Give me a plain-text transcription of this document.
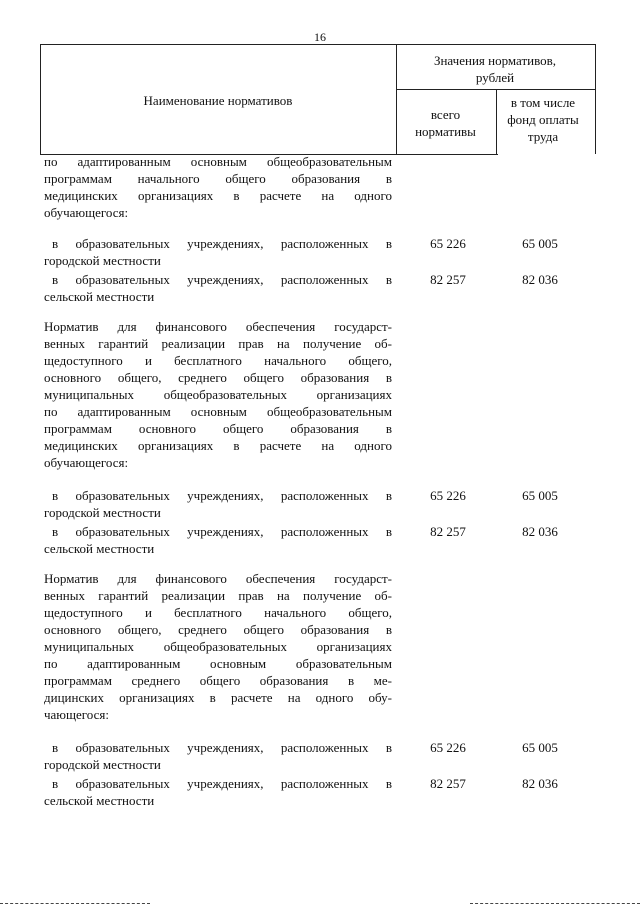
16
Наименование нормативов
Значения нормативов,
рублей
всего
нормативы
в том числе
фонд оплаты
труда
по адаптированным основным общеобразовательным
программам начального общего образования в
медицинских организациях в расчете на одного
обучающегося:
в образовательных учреждениях, расположенных в
городской местности
65 226	65 005
в образовательных учреждениях, расположенных в
сельской местности
82 257	82 036
Норматив для финансового обеспечения государст-
венных гарантий реализации прав на получение об-
щедоступного и бесплатного начального общего,
основного общего, среднего общего образования в
муниципальных общеобразовательных организациях
по адаптированным основным общеобразовательным
программам основного общего образования в
медицинских организациях в расчете на одного
обучающегося:
в образовательных учреждениях, расположенных в
городской местности
65 226	65 005
в образовательных учреждениях, расположенных в
сельской местности
82 257	82 036
Норматив для финансового обеспечения государст-
венных гарантий реализации прав на получение об-
щедоступного и бесплатного начального общего,
основного общего, среднего общего образования в
муниципальных общеобразовательных организациях
по адаптированным основным образовательным
программам среднего общего образования в ме-
дицинских организациях в расчете на одного обу-
чающегося:
в образовательных учреждениях, расположенных в
городской местности
65 226	65 005
в образовательных учреждениях, расположенных в
сельской местности
82 257	82 036
